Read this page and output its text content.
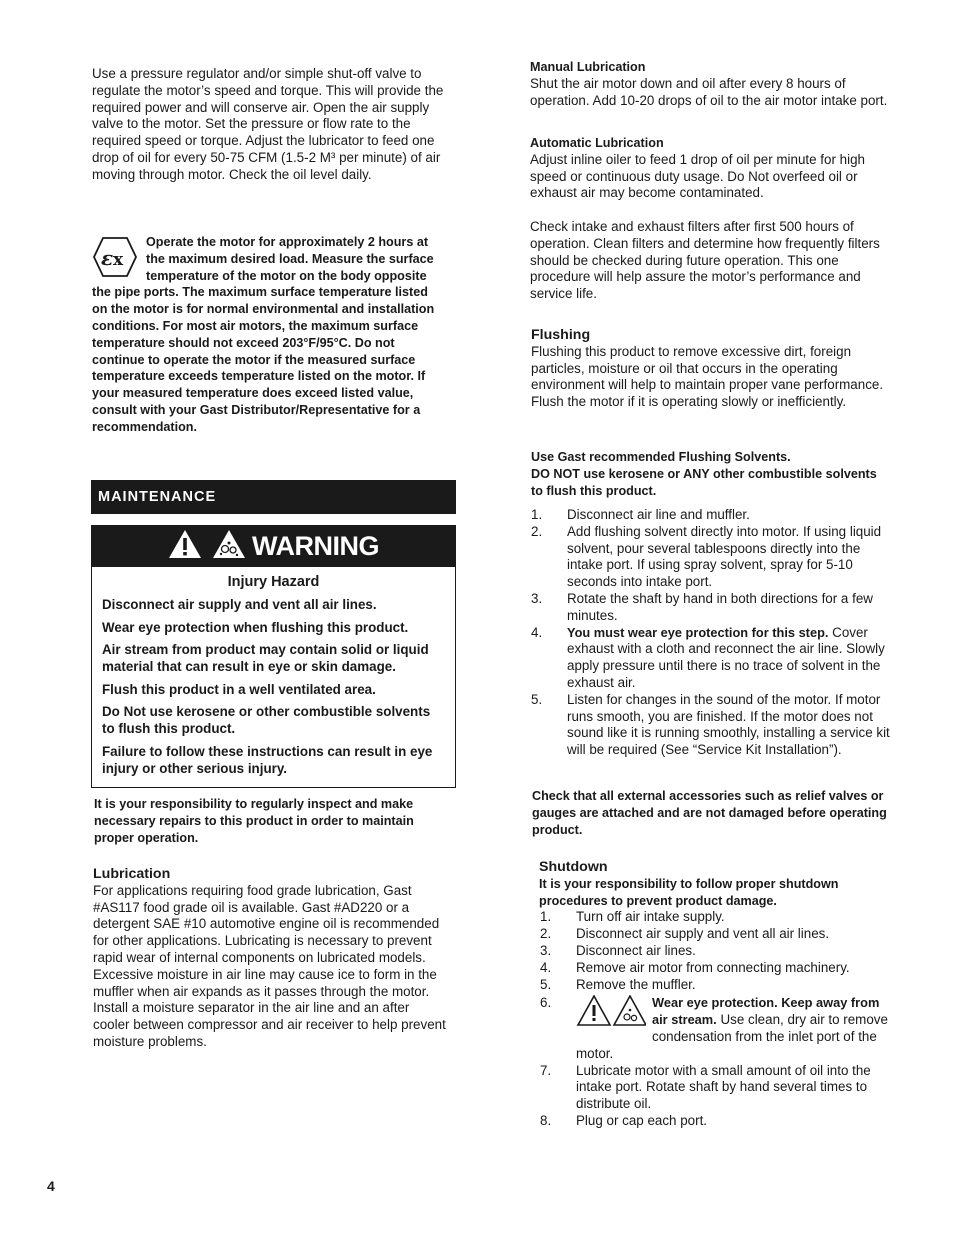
Use a pressure regulator and/or simple shut-off valve to regulate the motor’s speed and torque. This will provide the required power and will conserve air. Open the air supply valve to the motor. Set the pressure or flow rate to the required speed or torque. Adjust the lubricator to feed one drop of oil for every 50-75 CFM (1.5-2 M³ per minute) of air moving through motor. Check the oil level daily.

ε x
Operate the motor for approximately 2 hours at the maximum desired load. Measure the surface temperature of the motor on the body opposite the pipe ports. The maximum surface temperature listed on the motor is for normal environmental and installation conditions. For most air motors, the maximum surface temperature should not exceed 203°F/95°C. Do not continue to operate the motor if the measured surface temperature exceeds temperature listed on the motor. If your measured temperature does exceed listed value, consult with your Gast Distributor/Representative for a recommendation.
MAINTENANCE
WARNING

Injury Hazard

Disconnect air supply and vent all air lines.

Wear eye protection when flushing this product.

Air stream from product may contain solid or liquid material that can result in eye or skin damage.

Flush this product in a well ventilated area.

Do Not use kerosene or other combustible solvents to flush this product.

Failure to follow these instructions can result in eye injury or other serious injury.

It is your responsibility to regularly inspect and make necessary repairs to this product in order to maintain proper operation.

Lubrication

For applications requiring food grade lubrication, Gast #AS117 food grade oil is available. Gast #AD220 or a detergent SAE #10 automotive engine oil is recommended for other applications. Lubricating is necessary to prevent rapid wear of internal components on lubricated models. Excessive moisture in air line may cause ice to form in the muffler when air expands as it passes through the motor. Install a moisture separator in the air line and an after cooler between compressor and air receiver to help prevent moisture problems.

Manual Lubrication

Shut the air motor down and oil after every 8 hours of operation. Add 10-20 drops of oil to the air motor intake port.

Automatic Lubrication

Adjust inline oiler to feed 1 drop of oil per minute for high speed or continuous duty usage. Do Not overfeed oil or exhaust air may become contaminated.

Check intake and exhaust filters after first 500 hours of operation. Clean filters and determine how frequently filters should be checked during future operation. This one procedure will help assure the motor’s performance and service life.

Flushing

Flushing this product to remove excessive dirt, foreign particles, moisture or oil that occurs in the operating environment will help to maintain proper vane performance. Flush the motor if it is operating slowly or inefficiently.

Use Gast recommended Flushing Solvents.

DO NOT use kerosene or ANY other combustible solvents to flush this product.

1. Disconnect air line and muffler.
2. Add flushing solvent directly into motor. If using liquid solvent, pour several tablespoons directly into the intake port. If using spray solvent, spray for 5-10 seconds into intake port.
3. Rotate the shaft by hand in both directions for a few minutes.
4. You must wear eye protection for this step. Cover exhaust with a cloth and reconnect the air line. Slowly apply pressure until there is no trace of solvent in the exhaust air.
5. Listen for changes in the sound of the motor. If motor runs smooth, you are finished. If the motor does not sound like it is running smoothly, installing a service kit will be required (See “Service Kit Installation”).
Check that all external accessories such as relief valves or gauges are attached and are not damaged before operating product.

Shutdown

It is your responsibility to follow proper shutdown procedures to prevent product damage.

1. Turn off air intake supply.
2. Disconnect air supply and vent all air lines.
3. Disconnect air lines.
4. Remove air motor from connecting machinery.
5. Remove the muffler.
6.	Wear eye protection. Keep away from air stream. Use clean, dry air to remove condensation from the inlet port of the motor.
7. Lubricate motor with a small amount of oil into the intake port. Rotate shaft by hand several times to distribute oil.
8. Plug or cap each port.
4
